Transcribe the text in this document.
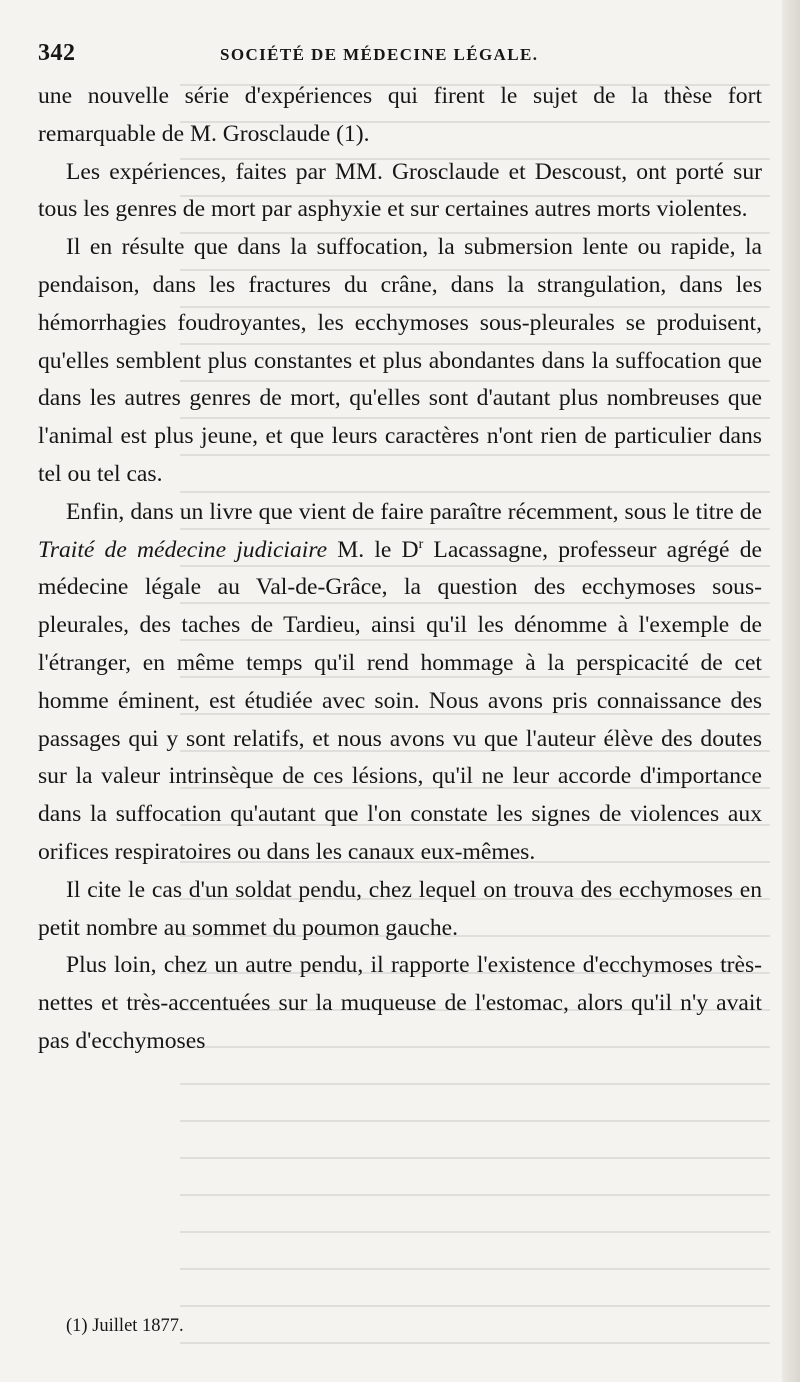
342	SOCIÉTÉ DE MÉDECINE LÉGALE.

une nouvelle série d'expériences qui firent le sujet de la thèse fort remarquable de M. Grosclaude (1).

Les expériences, faites par MM. Grosclaude et Descoust, ont porté sur tous les genres de mort par asphyxie et sur certaines autres morts violentes.

Il en résulte que dans la suffocation, la submersion lente ou rapide, la pendaison, dans les fractures du crâne, dans la strangulation, dans les hémorrhagies foudroyantes, les ecchymoses sous-pleurales se produisent, qu'elles semblent plus constantes et plus abondantes dans la suffocation que dans les autres genres de mort, qu'elles sont d'autant plus nombreuses que l'animal est plus jeune, et que leurs caractères n'ont rien de particulier dans tel ou tel cas.

Enfin, dans un livre que vient de faire paraître récemment, sous le titre de Traité de médecine judiciaire M. le $D^r$ Lacassagne, professeur agrégé de médecine légale au Val-de-Grâce, la question des ecchymoses sous-pleurales, des taches de Tardieu, ainsi qu'il les dénomme à l'exemple de l'étranger, en même temps qu'il rend hommage à la perspicacité de cet homme éminent, est étudiée avec soin. Nous avons pris connaissance des passages qui y sont relatifs, et nous avons vu que l'auteur élève des doutes sur la valeur intrinsèque de ces lésions, qu'il ne leur accorde d'importance dans la suffocation qu'autant que l'on constate les signes de violences aux orifices respiratoires ou dans les canaux eux-mêmes.

Il cite le cas d'un soldat pendu, chez lequel on trouva des ecchymoses en petit nombre au sommet du poumon gauche.

Plus loin, chez un autre pendu, il rapporte l'existence d'ecchymoses très-nettes et très-accentuées sur la muqueuse de l'estomac, alors qu'il n'y avait pas d'ecchymoses

(1) Juillet 1877.
